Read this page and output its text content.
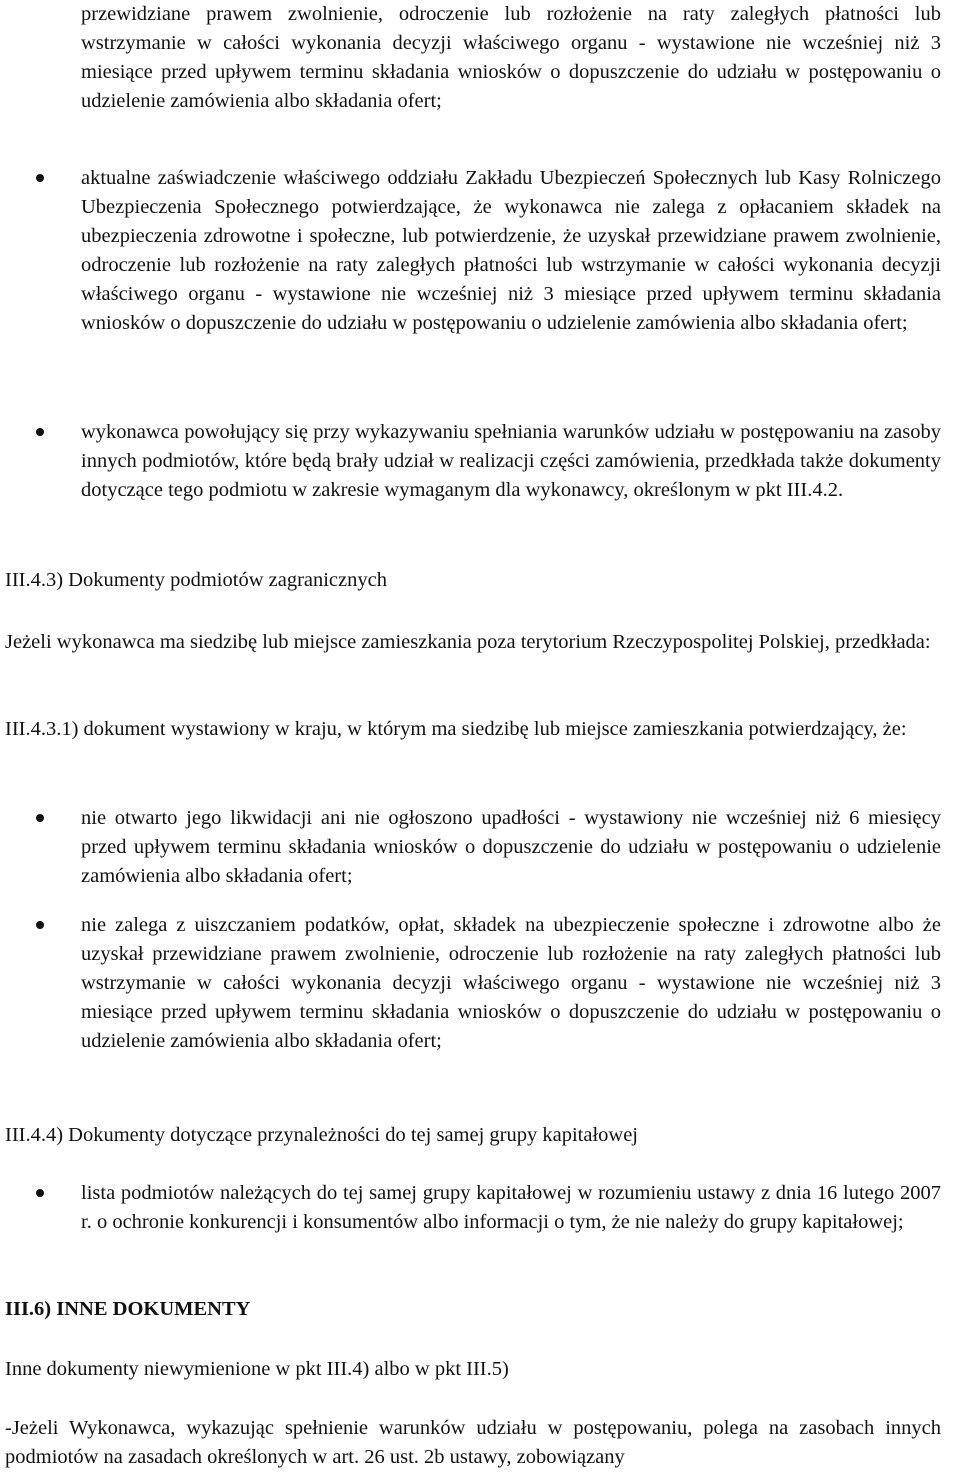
przewidziane prawem zwolnienie, odroczenie lub rozłożenie na raty zaległych płatności lub wstrzymanie w całości wykonania decyzji właściwego organu - wystawione nie wcześniej niż 3 miesiące przed upływem terminu składania wniosków o dopuszczenie do udziału w postępowaniu o udzielenie zamówienia albo składania ofert;

aktualne zaświadczenie właściwego oddziału Zakładu Ubezpieczeń Społecznych lub Kasy Rolniczego Ubezpieczenia Społecznego potwierdzające, że wykonawca nie zalega z opłacaniem składek na ubezpieczenia zdrowotne i społeczne, lub potwierdzenie, że uzyskał przewidziane prawem zwolnienie, odroczenie lub rozłożenie na raty zaległych płatności lub wstrzymanie w całości wykonania decyzji właściwego organu - wystawione nie wcześniej niż 3 miesiące przed upływem terminu składania wniosków o dopuszczenie do udziału w postępowaniu o udzielenie zamówienia albo składania ofert;

wykonawca powołujący się przy wykazywaniu spełniania warunków udziału w postępowaniu na zasoby innych podmiotów, które będą brały udział w realizacji części zamówienia, przedkłada także dokumenty dotyczące tego podmiotu w zakresie wymaganym dla wykonawcy, określonym w pkt III.4.2.

III.4.3) Dokumenty podmiotów zagranicznych

Jeżeli wykonawca ma siedzibę lub miejsce zamieszkania poza terytorium Rzeczypospolitej Polskiej, przedkłada:

III.4.3.1) dokument wystawiony w kraju, w którym ma siedzibę lub miejsce zamieszkania potwierdzający, że:

nie otwarto jego likwidacji ani nie ogłoszono upadłości - wystawiony nie wcześniej niż 6 miesięcy przed upływem terminu składania wniosków o dopuszczenie do udziału w postępowaniu o udzielenie zamówienia albo składania ofert;

nie zalega z uiszczaniem podatków, opłat, składek na ubezpieczenie społeczne i zdrowotne albo że uzyskał przewidziane prawem zwolnienie, odroczenie lub rozłożenie na raty zaległych płatności lub wstrzymanie w całości wykonania decyzji właściwego organu - wystawione nie wcześniej niż 3 miesiące przed upływem terminu składania wniosków o dopuszczenie do udziału w postępowaniu o udzielenie zamówienia albo składania ofert;

III.4.4) Dokumenty dotyczące przynależności do tej samej grupy kapitałowej

lista podmiotów należących do tej samej grupy kapitałowej w rozumieniu ustawy z dnia 16 lutego 2007 r. o ochronie konkurencji i konsumentów albo informacji o tym, że nie należy do grupy kapitałowej;

III.6) INNE DOKUMENTY

Inne dokumenty niewymienione w pkt III.4) albo w pkt III.5)

-Jeżeli Wykonawca, wykazując spełnienie warunków udziału w postępowaniu, polega na zasobach innych podmiotów na zasadach określonych w art. 26 ust. 2b ustawy, zobowiązany
